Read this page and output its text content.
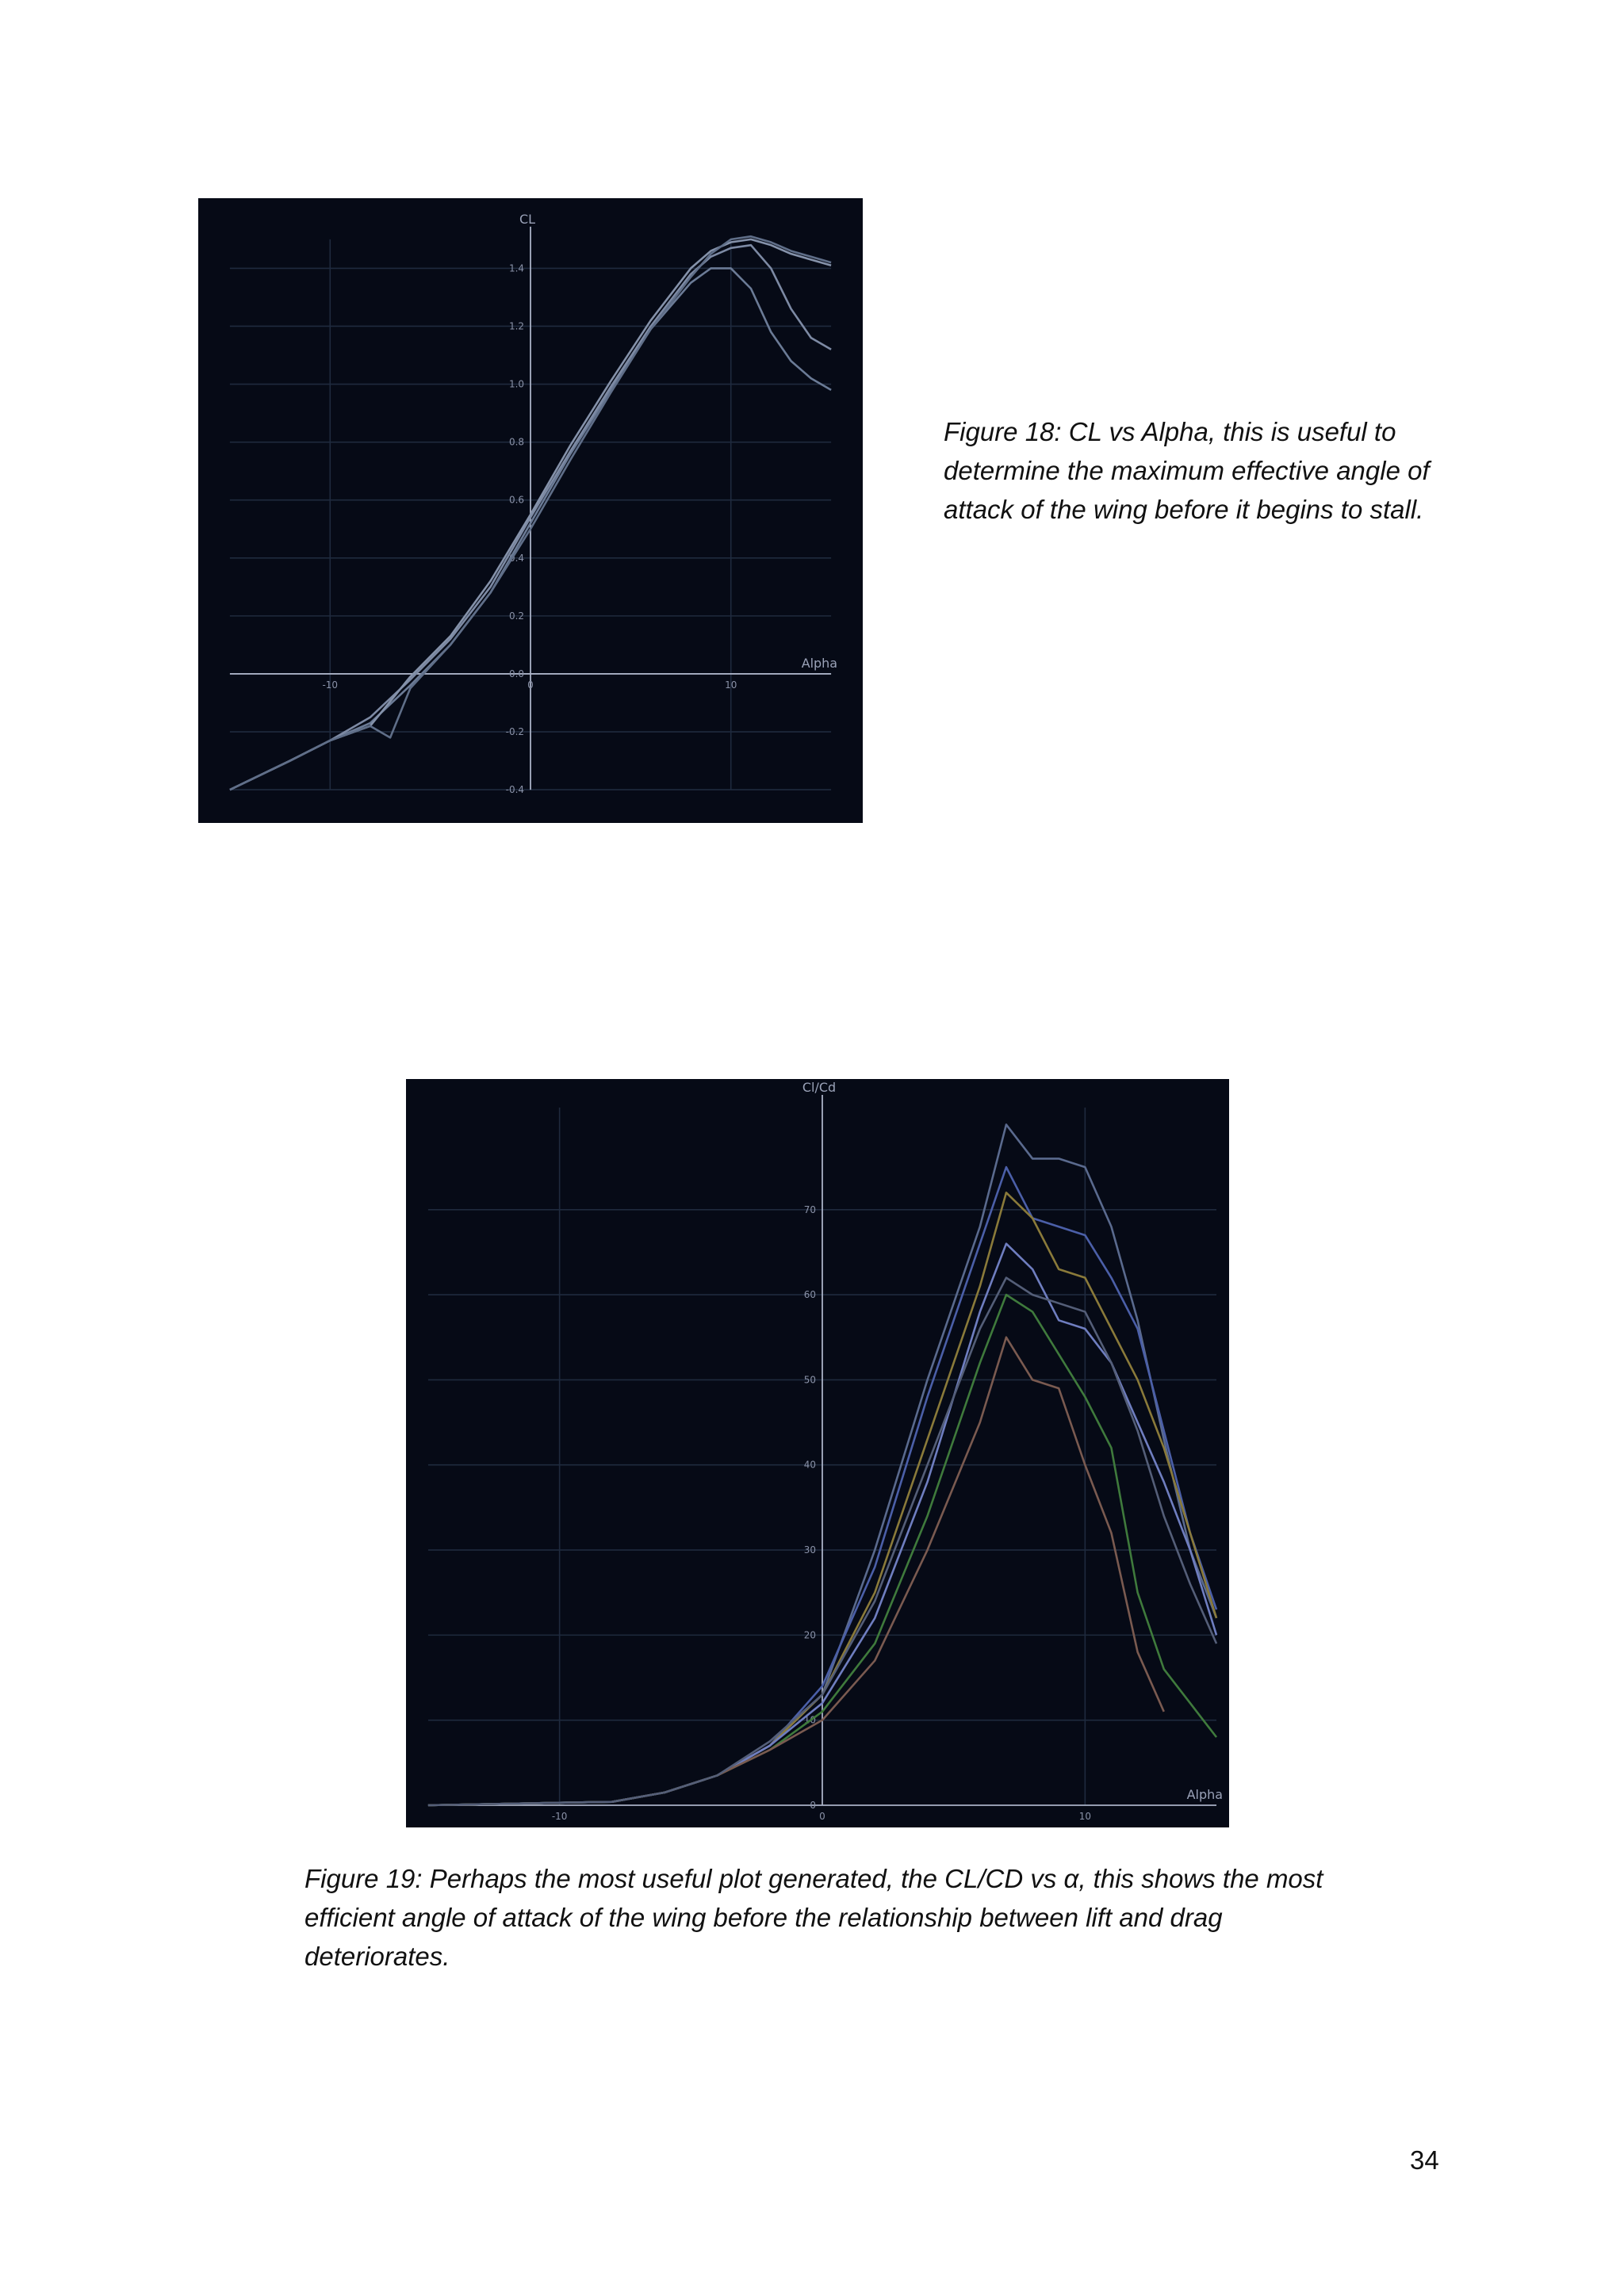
-0.4
-0.2
0.0
0.2
0.4
0.6
0.8
1.0
1.2
1.4
-10	0	10
CL
Alpha

Figure 18: CL vs Alpha, this is useful to determine the maximum effective angle of attack of the wing before it begins to stall.

0
10
20
30
40
50
60
70
-10	0	10
Cl/Cd
Alpha

Figure 19: Perhaps the most useful plot generated, the CL/CD vs α, this shows the most efficient angle of attack of the wing before the relationship between lift and drag deteriorates.

34
